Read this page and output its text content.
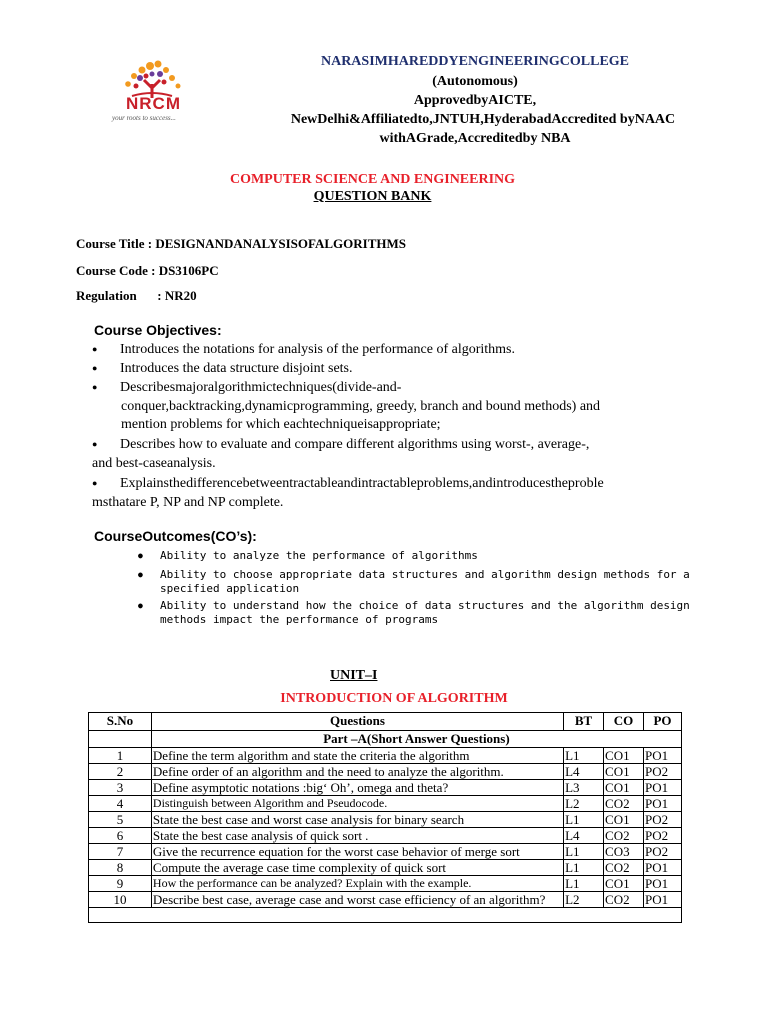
NRCM
your roots to success...
NARASIMHAREDDYENGINEERINGCOLLEGE
(Autonomous)
ApprovedbyAICTE,
NewDelhi&Affiliatedto,JNTUH,HyderabadAccredited byNAAC
withAGrade,Accreditedby NBA
COMPUTER SCIENCE AND ENGINEERING
QUESTION BANK
Course Title : DESIGNANDANALYSISOFALGORITHMS
Course Code : DS3106PC
Regulation : NR20
Course Objectives:
● Introduces the notations for analysis of the performance of algorithms.
● Introduces the data structure disjoint sets.
● Describesmajoralgorithmictechniques(divide-and-
conquer,backtracking,dynamicprogramming, greedy, branch and bound methods) and
mention problems for which eachtechniqueisappropriate;
● Describes how to evaluate and compare different algorithms using worst-, average-,
and best-caseanalysis.
● Explainsthedifferencebetweentractableandintractableproblems,andintroducestheproble
msthatare P, NP and NP complete.
CourseOutcomes(CO’s):
● Ability to analyze the performance of algorithms
● Ability to choose appropriate data structures and algorithm design methods for a
specified application
● Ability to understand how the choice of data structures and the algorithm design
methods impact the performance of programs
UNIT–I
INTRODUCTION OF ALGORITHM
S.No	Questions	BT	CO	PO
	Part –A(Short Answer Questions)			
1	Define the term algorithm and state the criteria the algorithm	L1	CO1	PO1
2	Define order of an algorithm and the need to analyze the algorithm.	L4	CO1	PO2
3	Define asymptotic notations :big‘ Oh’, omega and theta?	L3	CO1	PO1
4	Distinguish between Algorithm and Pseudocode.	L2	CO2	PO1
5	State the best case and worst case analysis for binary search	L1	CO1	PO2
6	State the best case analysis of quick sort .	L4	CO2	PO2
7	Give the recurrence equation for the worst case behavior of merge sort	L1	CO3	PO2
8	Compute the average case time complexity of quick sort	L1	CO2	PO1
9	How the performance can be analyzed? Explain with the example.	L1	CO1	PO1
10	Describe best case, average case and worst case efficiency of an algorithm?	L2	CO2	PO1
